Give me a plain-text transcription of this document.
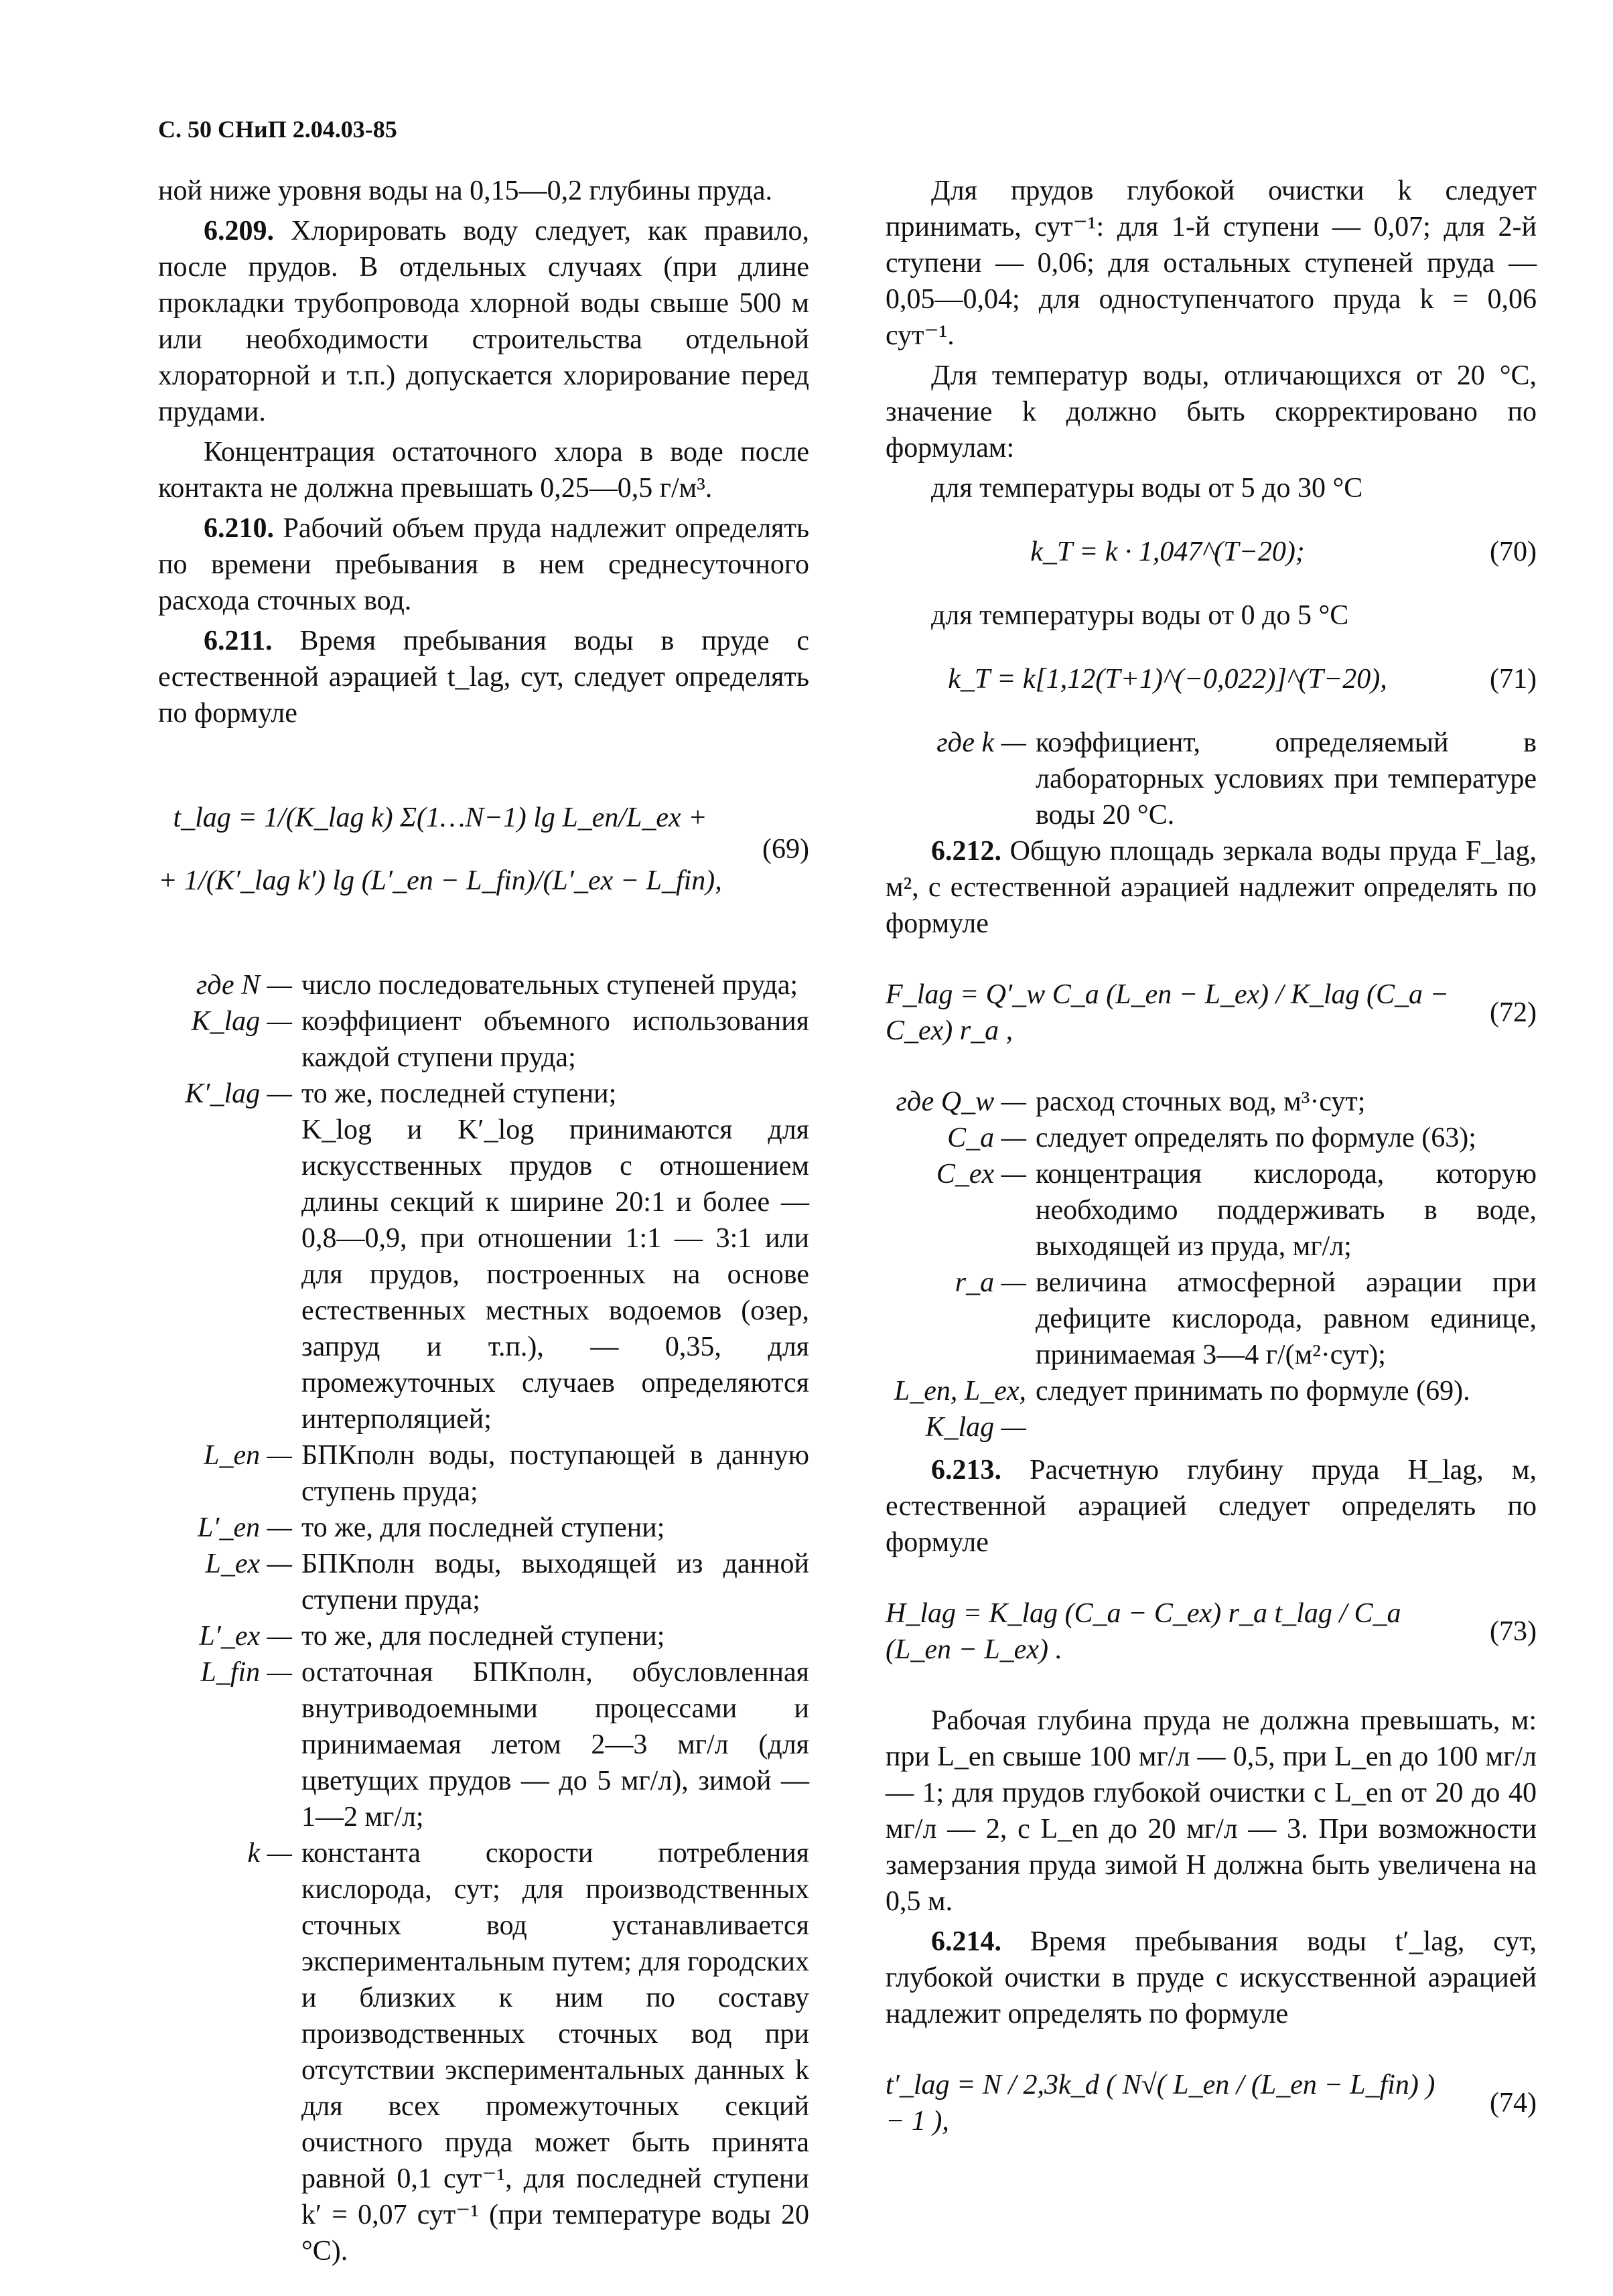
С. 50 СНиП 2.04.03-85

ной ниже уровня воды на 0,15—0,2 глубины пруда.

6.209. Хлорировать воду следует, как правило, после прудов. В отдельных случаях (при длине прокладки трубопровода хлорной воды свыше 500 м или необходимости строительства отдельной хлораторной и т.п.) допускается хлорирование перед прудами.

Концентрация остаточного хлора в воде после контакта не должна превышать 0,25—0,5 г/м³.

6.210. Рабочий объем пруда надлежит определять по времени пребывания в нем среднесуточного расхода сточных вод.

6.211. Время пребывания воды в пруде с естественной аэрацией t_lag, сут, следует определять по формуле

t_lag = 1/(K_lag k) Σ(1…N−1) lg L_en/L_ex +
+ 1/(K′_lag k′) lg (L′_en − L_fin)/(L′_ex − L_fin),
(69)
где N — число последовательных ступеней пруда;
K_lag — коэффициент объемного использования каждой ступени пруда;
K′_lag — то же, последней ступени;
K_log и K′_log принимаются для искусственных прудов с отношением длины секций к ширине 20:1 и более — 0,8—0,9, при отношении 1:1 — 3:1 или для прудов, построенных на основе естественных местных водоемов (озер, запруд и т.п.), — 0,35, для промежуточных случаев определяются интерполяцией;
L_en — БПКполн воды, поступающей в данную ступень пруда;
L′_en — то же, для последней ступени;
L_ex — БПКполн воды, выходящей из данной ступени пруда;
L′_ex — то же, для последней ступени;
L_fin — остаточная БПКполн, обусловленная внутриводоемными процессами и принимаемая летом 2—3 мг/л (для цветущих прудов — до 5 мг/л), зимой — 1—2 мг/л;
k — константа скорости потребления кислорода, сут; для производственных сточных вод устанавливается экспериментальным путем; для городских и близких к ним по составу производственных сточных вод при отсутствии экспериментальных данных k для всех промежуточных секций очистного пруда может быть принята равной 0,1 сут⁻¹, для последней ступени k′ = 0,07 сут⁻¹ (при температуре воды 20 °С).

Для прудов глубокой очистки k следует принимать, сут⁻¹: для 1-й ступени — 0,07; для 2-й ступени — 0,06; для остальных ступеней пруда — 0,05—0,04; для одноступенчатого пруда k = 0,06 сут⁻¹.

Для температур воды, отличающихся от 20 °С, значение k должно быть скорректировано по формулам:

для температуры воды от 5 до 30 °С

k_T = k · 1,047^(T−20);	(70)

для температуры воды от 0 до 5 °С

k_T = k[1,12(T+1)^(−0,022)]^(T−20),	(71)
где k — коэффициент, определяемый в лабораторных условиях при температуре воды 20 °С.

6.212. Общую площадь зеркала воды пруда F_lag, м², с естественной аэрацией надлежит определять по формуле

F_lag = Q′_w C_a (L_en − L_ex) / K_lag (C_a − C_ex) r_a ,
(72)
где Q_w — расход сточных вод, м³·сут;
C_a — следует определять по формуле (63);
C_ex — концентрация кислорода, которую необходимо поддерживать в воде, выходящей из пруда, мг/л;
r_a — величина атмосферной аэрации при дефиците кислорода, равном единице, принимаемая 3—4 г/(м²·сут);
L_en, L_ex, K_lag —
следует принимать по формуле (69).

6.213. Расчетную глубину пруда H_lag, м, естественной аэрацией следует определять по формуле

H_lag = K_lag (C_a − C_ex) r_a t_lag / C_a (L_en − L_ex) .
(73)

Рабочая глубина пруда не должна превышать, м: при L_en свыше 100 мг/л — 0,5, при L_en до 100 мг/л — 1; для прудов глубокой очистки с L_en от 20 до 40 мг/л — 2, с L_en до 20 мг/л — 3. При возможности замерзания пруда зимой H должна быть увеличена на 0,5 м.

6.214. Время пребывания воды t′_lag, сут, глубокой очистки в пруде с искусственной аэрацией надлежит определять по формуле

t′_lag = N / 2,3k_d ( N√( L_en / (L_en − L_fin) ) − 1 ),
(74)
